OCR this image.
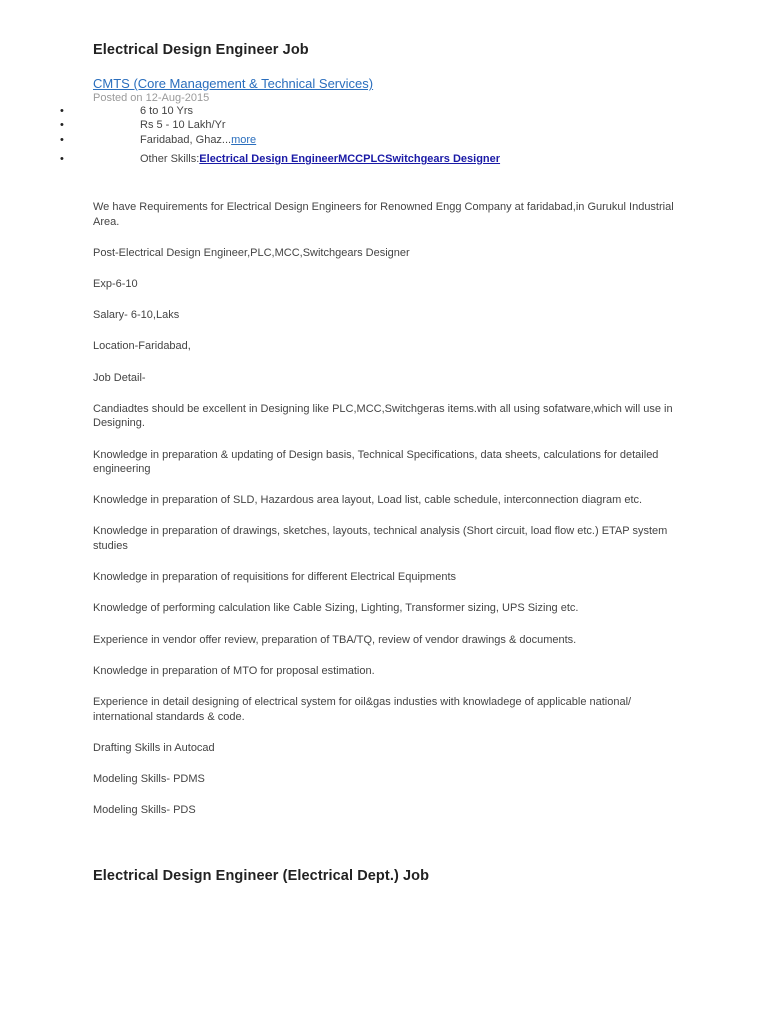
Electrical Design Engineer Job
CMTS (Core Management & Technical Services)
Posted on 12-Aug-2015
• 6 to 10 Yrs
• Rs 5 - 10 Lakh/Yr
• Faridabad, Ghaz...more
• Other Skills:Electrical Design EngineerMCCPLCSwitchgears Designer

We have Requirements for Electrical Design Engineers for Renowned Engg Company at faridabad,in Gurukul Industrial Area.

Post-Electrical Design Engineer,PLC,MCC,Switchgears Designer

Exp-6-10

Salary- 6-10,Laks

Location-Faridabad,

Job Detail-

Candiadtes should be excellent in Designing like PLC,MCC,Switchgeras items.with all using sofatware,which will use in Designing.

Knowledge in preparation & updating of Design basis, Technical Specifications, data sheets, calculations for detailed engineering

Knowledge in preparation of SLD, Hazardous area layout, Load list, cable schedule, interconnection diagram etc.

Knowledge in preparation of drawings, sketches, layouts, technical analysis (Short circuit, load flow etc.) ETAP system studies

Knowledge in preparation of requisitions for different Electrical Equipments

Knowledge of performing calculation like Cable Sizing, Lighting, Transformer sizing, UPS Sizing etc.

Experience in vendor offer review, preparation of TBA/TQ, review of vendor drawings & documents.

Knowledge in preparation of MTO for proposal estimation.

Experience in detail designing of electrical system for oil&gas industies with knowladege of applicable national/ international standards & code.

Drafting Skills in Autocad

Modeling Skills- PDMS

Modeling Skills- PDS

Electrical Design Engineer (Electrical Dept.) Job
